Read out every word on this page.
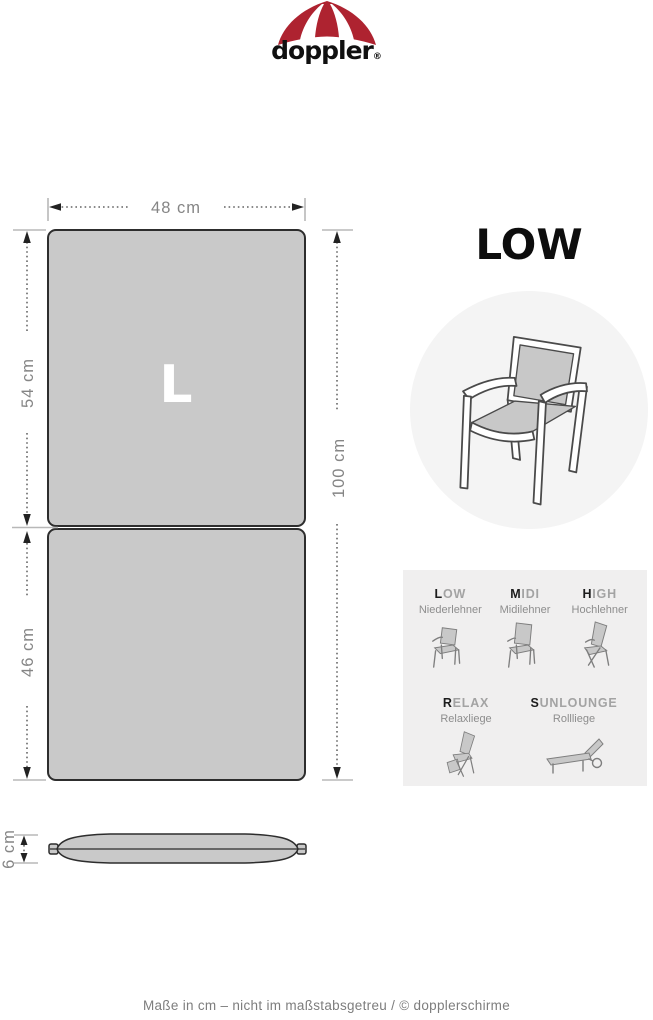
doppler®
48 cm
L
54 cm
46 cm
100 cm
6 cm
LOW
LOW
Niederlehner
MIDI
Midilehner
HIGH
Hochlehner
RELAX
Relaxliege
SUNLOUNGE
Rollliege
Maße in cm – nicht im maßstabsgetreu / © dopplerschirme
